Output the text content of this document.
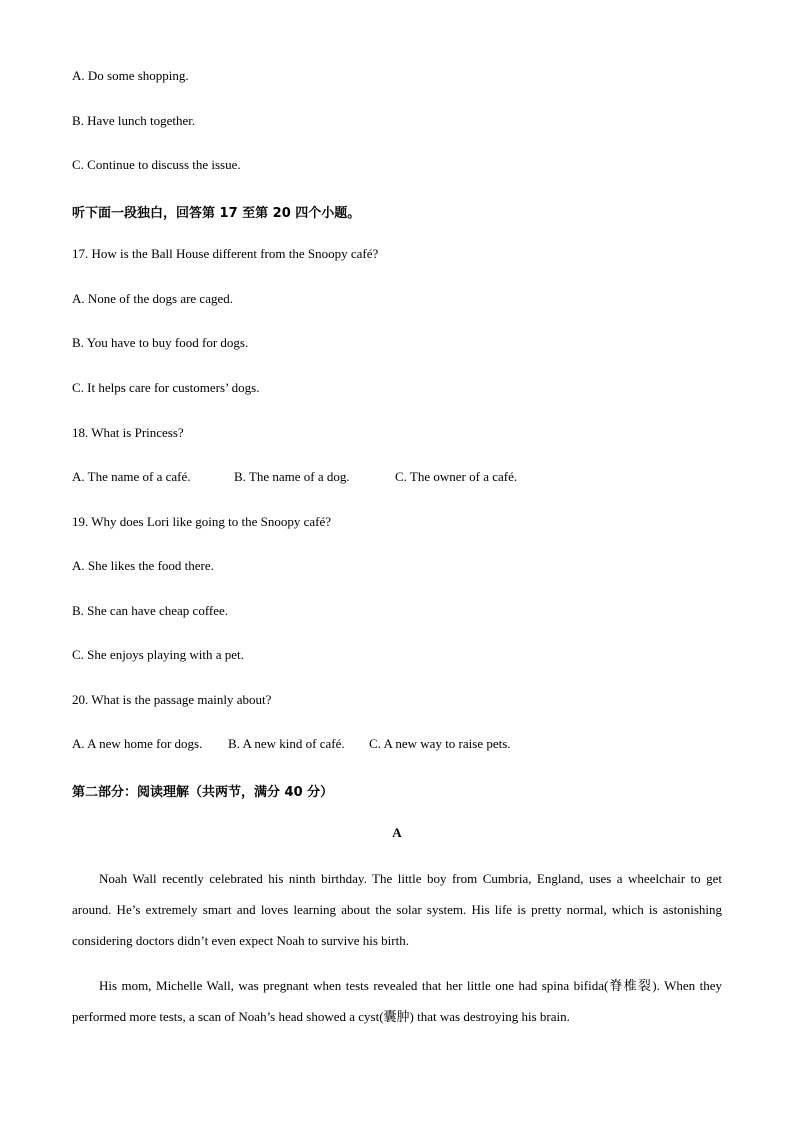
A. Do some shopping.
B. Have lunch together.
C. Continue to discuss the issue.
听下面一段独白，回答第 17 至第 20 四个小题。
17. How is the Ball House different from the Snoopy café?
A. None of the dogs are caged.
B. You have to buy food for dogs.
C. It helps care for customers’ dogs.
18. What is Princess?
A. The name of a café.	B. The name of a dog.	C. The owner of a café.
19. Why does Lori like going to the Snoopy café?
A. She likes the food there.
B. She can have cheap coffee.
C. She enjoys playing with a pet.
20. What is the passage mainly about?
A. A new home for dogs. B. A new kind of café. C. A new way to raise pets.
第二部分：阅读理解（共两节，满分 40 分）
A
Noah Wall recently celebrated his ninth birthday. The little boy from Cumbria, England, uses a wheelchair to get around. He’s extremely smart and loves learning about the solar system. His life is pretty normal, which is astonishing considering doctors didn’t even expect Noah to survive his birth.
His mom, Michelle Wall, was pregnant when tests revealed that her little one had spina bifida(脊椎裂). When they performed more tests, a scan of Noah’s head showed a cyst(囊肿) that was destroying his brain.
